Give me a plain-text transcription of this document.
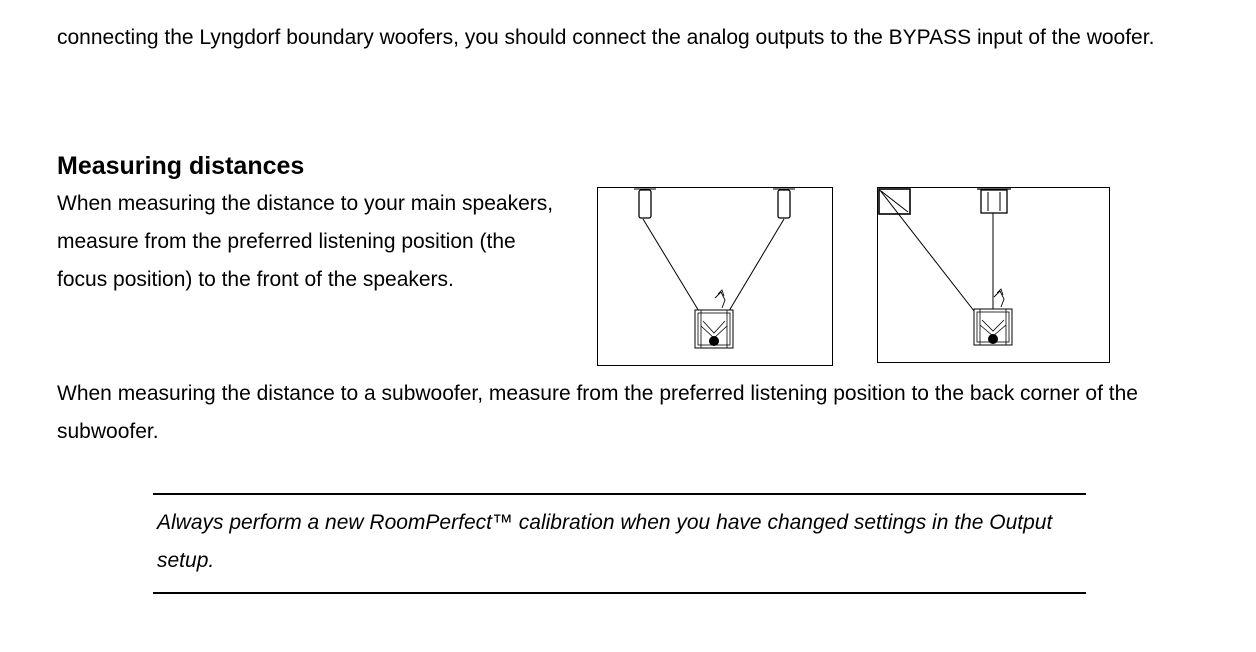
connecting the Lyngdorf boundary woofers, you should connect the analog outputs to the BYPASS input of the woofer.

Measuring distances

When measuring the distance to your main speakers, measure from the preferred listening position (the focus position) to the front of the speakers.

When measuring the distance to a subwoofer, measure from the preferred listening position to the back corner of the subwoofer.

Always perform a new RoomPerfect™ calibration when you have changed settings in the Output setup.
